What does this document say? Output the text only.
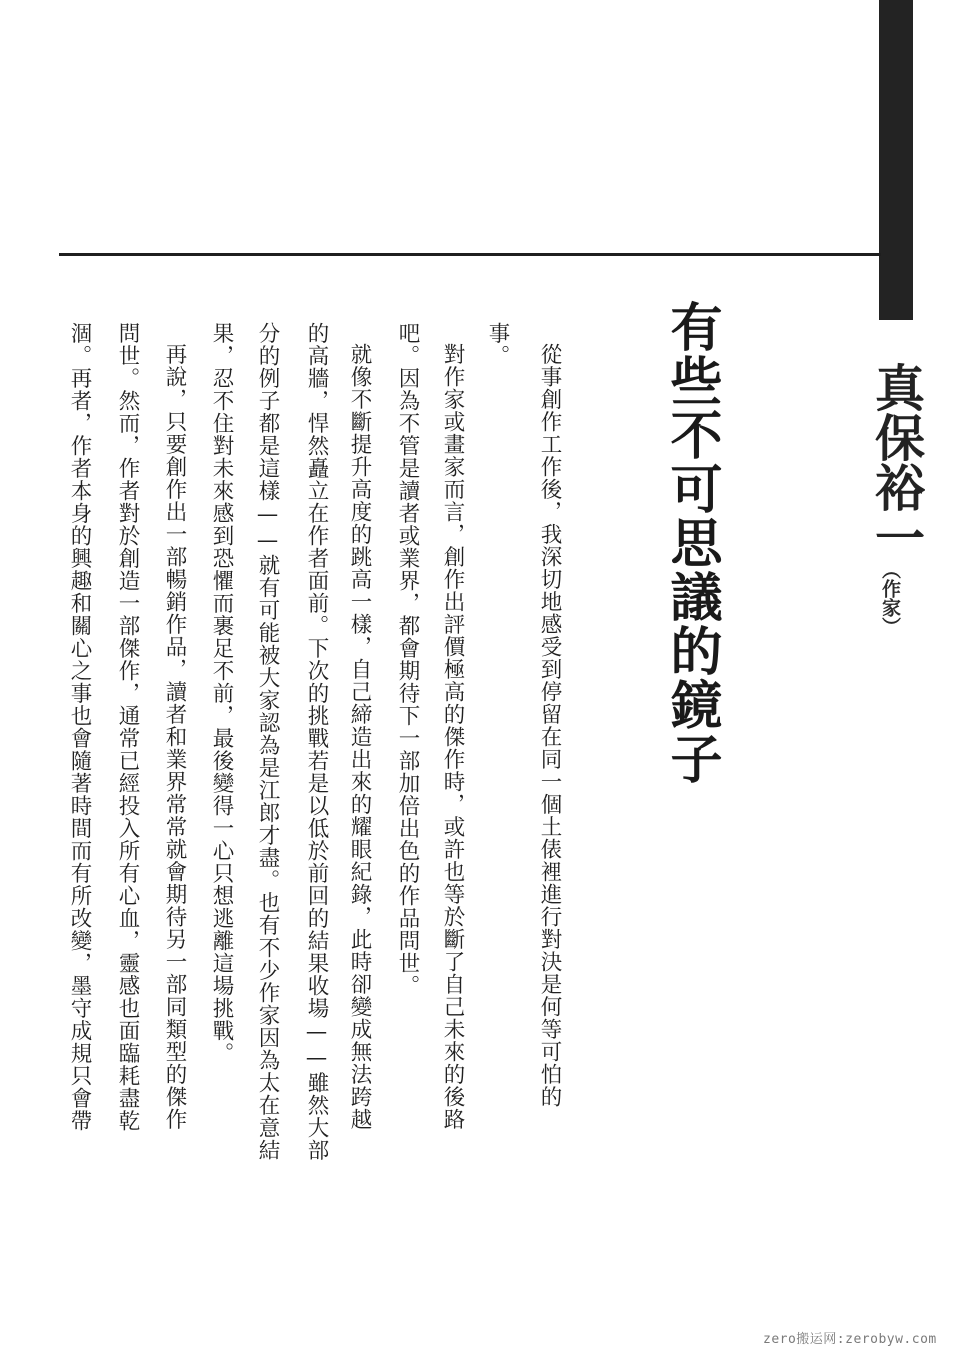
真保裕一
（作家）
有些不可思議的鏡子
從事創作工作後，我深切地感受到停留在同一個土俵裡進行對決是何等可怕的
事。
對作家或畫家而言，創作出評價極高的傑作時，或許也等於斷了自己未來的後路
吧。因為不管是讀者或業界，都會期待下一部加倍出色的作品問世。
就像不斷提升高度的跳高一樣，自己締造出來的耀眼紀錄，此時卻變成無法跨越
的高牆，悍然矗立在作者面前。下次的挑戰若是以低於前回的結果收場——雖然大部
分的例子都是這樣——就有可能被大家認為是江郎才盡。也有不少作家因為太在意結
果，忍不住對未來感到恐懼而裹足不前，最後變得一心只想逃離這場挑戰。
再說，只要創作出一部暢銷作品，讀者和業界常常就會期待另一部同類型的傑作
問世。然而，作者對於創造一部傑作，通常已經投入所有心血，靈感也面臨耗盡乾
涸。再者，作者本身的興趣和關心之事也會隨著時間而有所改變，墨守成規只會帶
zero搬运网:zerobyw.com
